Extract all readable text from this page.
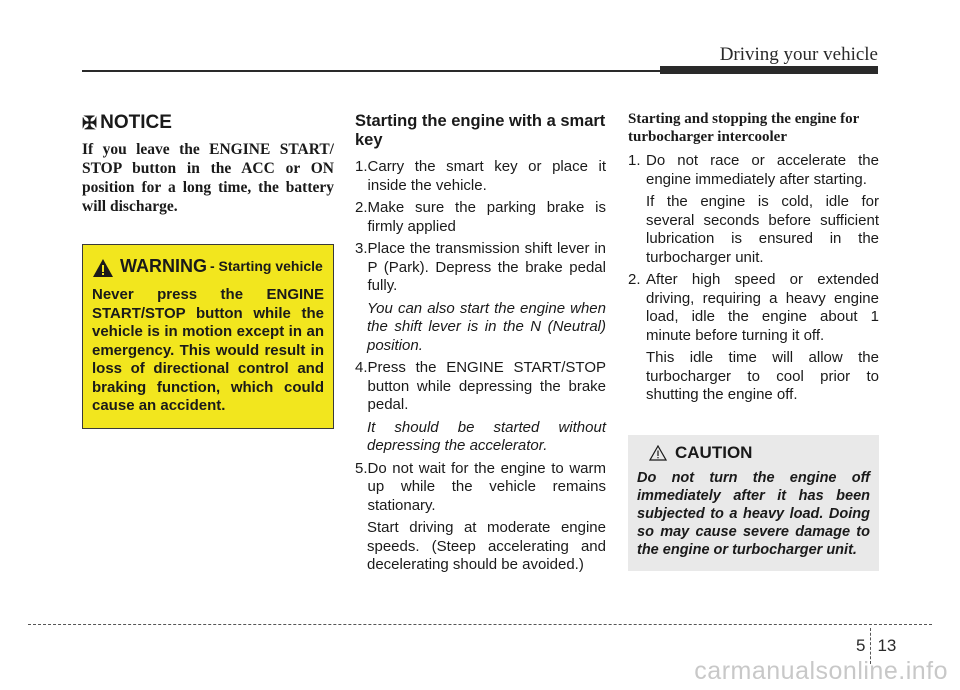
Driving your vehicle
✠ NOTICE
If you leave the ENGINE START/ STOP button in the ACC or ON position for a long time, the battery will discharge.
WARNING - Starting vehicle
Never press the ENGINE START/STOP button while the vehicle is in motion except in an emergency. This would result in loss of directional control and braking function, which could cause an accident.
Starting the engine with a smart key
1. Carry the smart key or place it inside the vehicle.
2. Make sure the parking brake is firmly applied
3. Place the transmission shift lever in P (Park). Depress the brake pedal fully.
You can also start the engine when the shift lever is in the N (Neutral) position.
4. Press the ENGINE START/STOP button while depressing the brake pedal.
It should be started without depressing the accelerator.
5. Do not wait for the engine to warm up while the vehicle remains stationary.
Start driving at moderate engine speeds. (Steep accelerating and decelerating should be avoided.)
Starting and stopping the engine for turbocharger intercooler
1. Do not race or accelerate the engine immediately after starting.
If the engine is cold, idle for several seconds before sufficient lubrication is ensured in the turbocharger unit.
2. After high speed or extended driving, requiring a heavy engine load, idle the engine about 1 minute before turning it off.
This idle time will allow the turbocharger to cool prior to shutting the engine off.
CAUTION
Do not turn the engine off immediately after it has been subjected to a heavy load. Doing so may cause severe damage to the engine or turbocharger unit.
5 13
carmanualsonline.info
